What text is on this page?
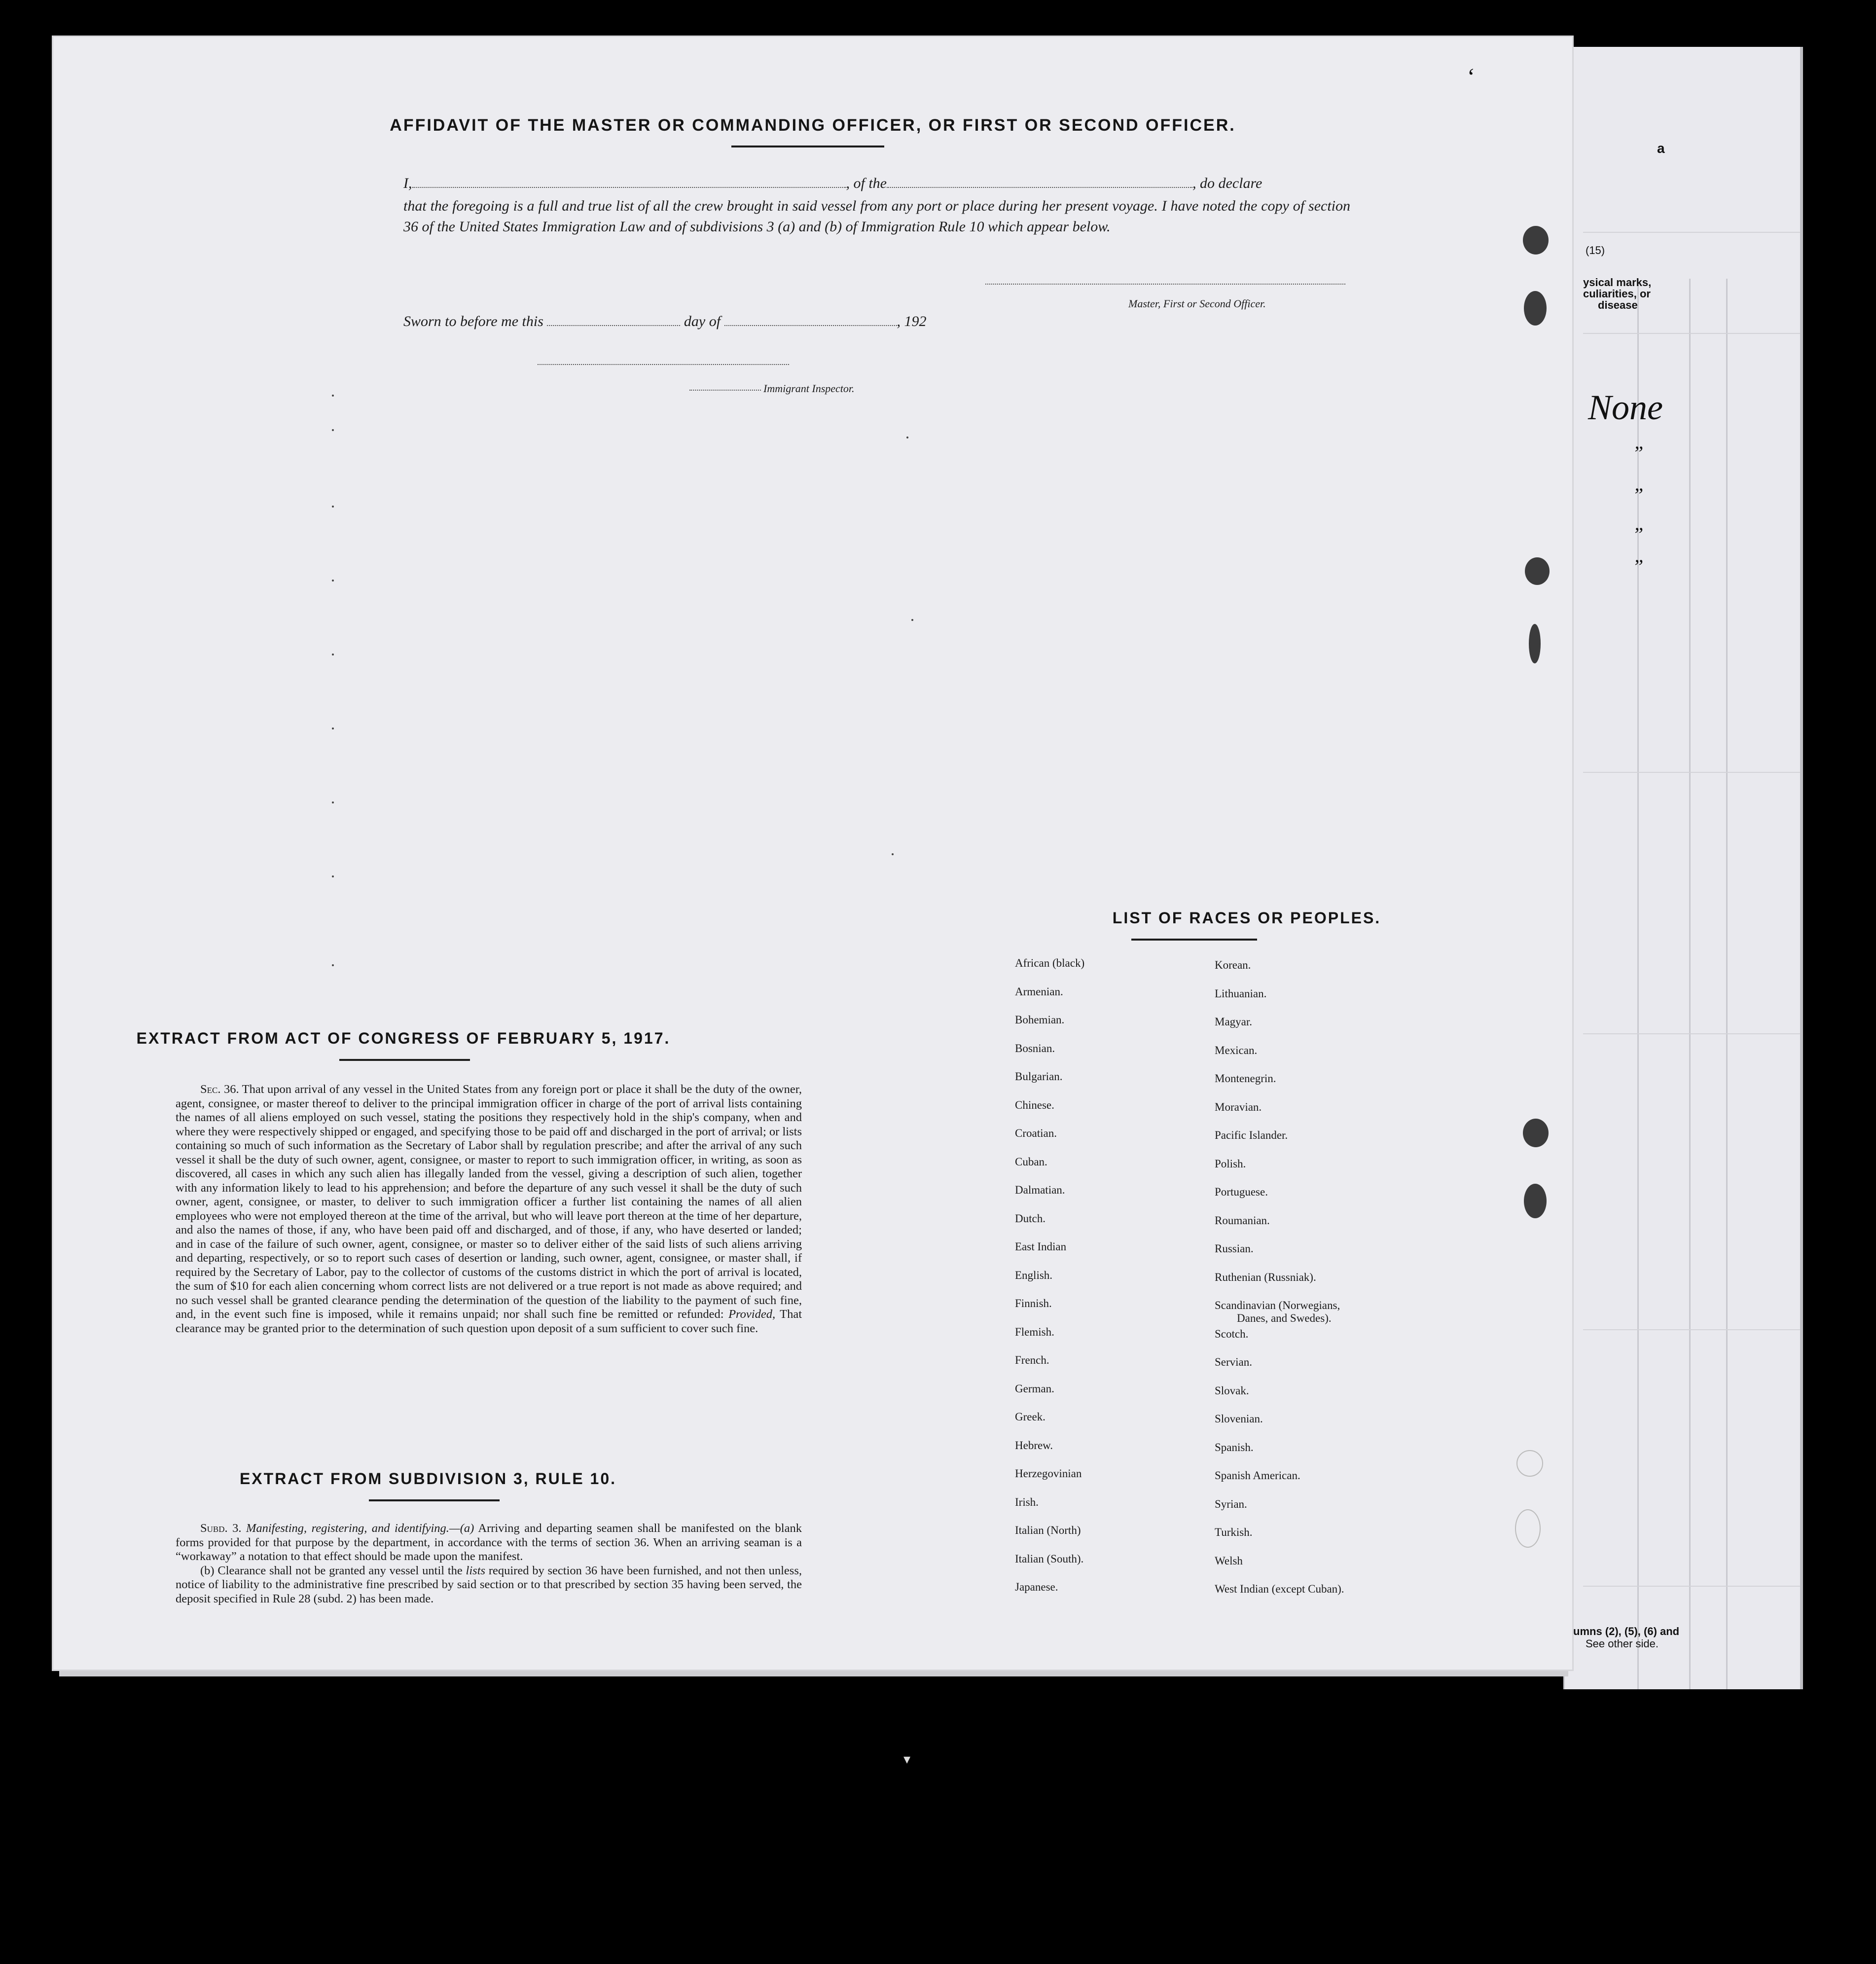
a
(15)
ysical marks,
culiarities, or
disease
None
”
”
”
”
umns (2), (5), (6) and
See other side.
AFFIDAVIT OF THE MASTER OR COMMANDING OFFICER, OR FIRST OR SECOND OFFICER.
I,	, of the	, do declare
that the foregoing is a full and true list of all the crew brought in said vessel from any port or place during her present voyage. I have noted the copy of section 36 of the United States Immigration Law and of subdivisions 3 (a) and (b) of Immigration Rule 10 which appear below.
Master, First or Second Officer.
Sworn to before me this	day of	, 192
Immigrant Inspector.
EXTRACT FROM ACT OF CONGRESS OF FEBRUARY 5, 1917.
Sec. 36. That upon arrival of any vessel in the United States from any foreign port or place it shall be the duty of the owner, agent, consignee, or master thereof to deliver to the principal immigration officer in charge of the port of arrival lists containing the names of all aliens employed on such vessel, stating the positions they respectively hold in the ship's company, when and where they were respectively shipped or engaged, and specifying those to be paid off and discharged in the port of arrival; or lists containing so much of such information as the Secretary of Labor shall by regulation prescribe; and after the arrival of any such vessel it shall be the duty of such owner, agent, consignee, or master to report to such immigration officer, in writing, as soon as discovered, all cases in which any such alien has illegally landed from the vessel, giving a description of such alien, together with any information likely to lead to his apprehension; and before the departure of any such vessel it shall be the duty of such owner, agent, consignee, or master, to deliver to such immigration officer a further list containing the names of all alien employees who were not employed thereon at the time of the arrival, but who will leave port thereon at the time of her departure, and also the names of those, if any, who have been paid off and discharged, and of those, if any, who have deserted or landed; and in case of the failure of such owner, agent, consignee, or master so to deliver either of the said lists of such aliens arriving and departing, respectively, or so to report such cases of desertion or landing, such owner, agent, consignee, or master shall, if required by the Secretary of Labor, pay to the collector of customs of the customs district in which the port of arrival is located, the sum of $10 for each alien concerning whom correct lists are not delivered or a true report is not made as above required; and no such vessel shall be granted clearance pending the determination of the question of the liability to the payment of such fine, and, in the event such fine is imposed, while it remains unpaid; nor shall such fine be remitted or refunded: Provided, That clearance may be granted prior to the determination of such question upon deposit of a sum sufficient to cover such fine.
EXTRACT FROM SUBDIVISION 3, RULE 10.
Subd. 3. Manifesting, registering, and identifying.—(a) Arriving and departing seamen shall be manifested on the blank forms provided for that purpose by the department, in accordance with the terms of section 36. When an arriving seaman is a “workaway” a notation to that effect should be made upon the manifest.
(b) Clearance shall not be granted any vessel until the lists required by section 36 have been furnished, and not then unless, notice of liability to the administrative fine prescribed by said section or to that prescribed by section 35 having been served, the deposit specified in Rule 28 (subd. 2) has been made.
LIST OF RACES OR PEOPLES.
African (black)
Armenian.
Bohemian.
Bosnian.
Bulgarian.
Chinese.
Croatian.
Cuban.
Dalmatian.
Dutch.
East Indian
English.
Finnish.
Flemish.
French.
German.
Greek.
Hebrew.
Herzegovinian
Irish.
Italian (North)
Italian (South).
Japanese.
Korean.
Lithuanian.
Magyar.
Mexican.
Montenegrin.
Moravian.
Pacific Islander.
Polish.
Portuguese.
Roumanian.
Russian.
Ruthenian (Russniak).
Scandinavian (Norwegians,
Danes, and Swedes).
Scotch.
Servian.
Slovak.
Slovenian.
Spanish.
Spanish American.
Syrian.
Turkish.
Welsh
West Indian (except Cuban).
‘
▾
